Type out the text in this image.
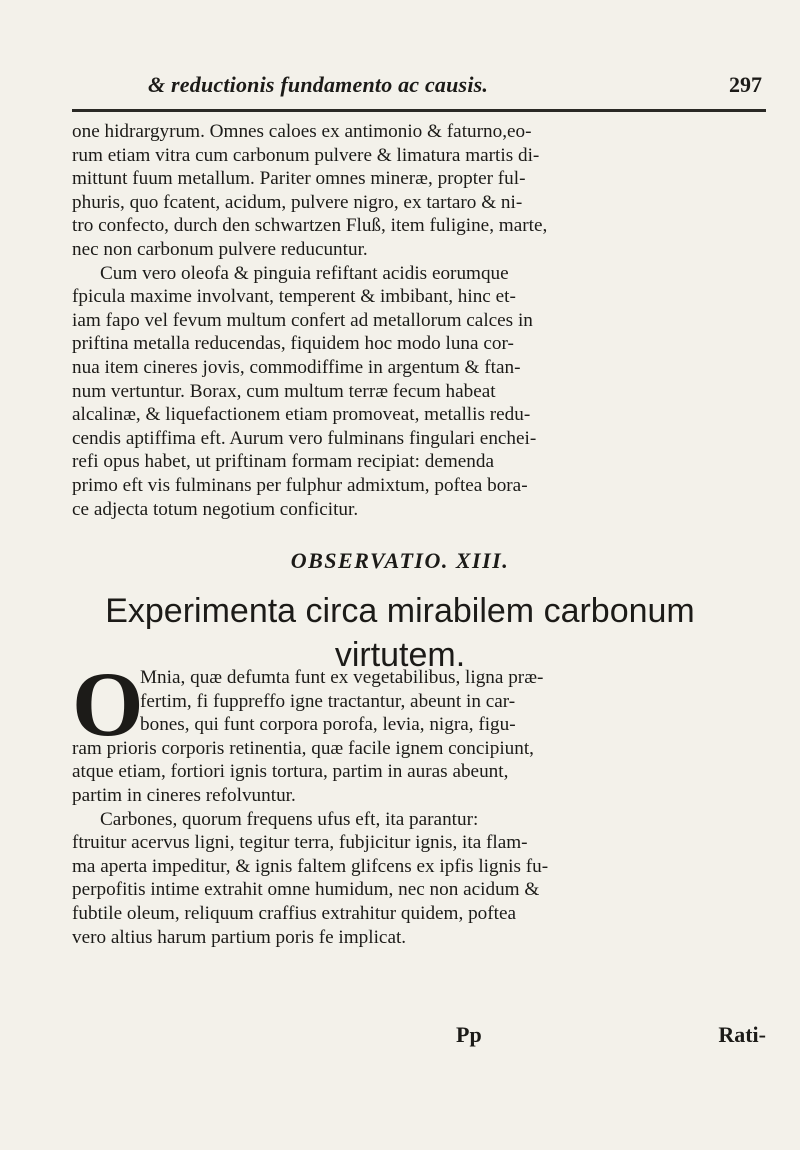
& reductionis fundamento ac causis.	297
one hidrargyrum. Omnes caloes ex antimonio & faturno,eo-
rum etiam vitra cum carbonum pulvere & limatura martis di-
mittunt fuum metallum. Pariter omnes mineræ, propter ful-
phuris, quo fcatent, acidum, pulvere nigro, ex tartaro & ni-
tro confecto, durch den schwartzen Fluß, item fuligine, marte,
nec non carbonum pulvere reducuntur.
Cum vero oleofa & pinguia refiftant acidis eorumque
fpicula maxime involvant, temperent & imbibant, hinc et-
iam fapo vel fevum multum confert ad metallorum calces in
priftina metalla reducendas, fiquidem hoc modo luna cor-
nua item cineres jovis, commodiffime in argentum & ftan-
num vertuntur. Borax, cum multum terræ fecum habeat
alcalinæ, & liquefactionem etiam promoveat, metallis redu-
cendis aptiffima eft. Aurum vero fulminans fingulari enchei-
refi opus habet, ut priftinam formam recipiat: demenda
primo eft vis fulminans per fulphur admixtum, poftea bora-
ce adjecta totum negotium conficitur.
OBSERVATIO. XIII.
Experimenta circa mirabilem carbonum
virtutem.
O
Mnia, quæ defumta funt ex vegetabilibus, ligna præ-
fertim, fi fuppreffo igne tractantur, abeunt in car-
bones, qui funt corpora porofa, levia, nigra, figu-
ram prioris corporis retinentia, quæ facile ignem concipiunt,
atque etiam, fortiori ignis tortura, partim in auras abeunt,
partim in cineres refolvuntur.
Carbones, quorum frequens ufus eft, ita parantur:
ftruitur acervus ligni, tegitur terra, fubjicitur ignis, ita flam-
ma aperta impeditur, & ignis faltem glifcens ex ipfis lignis fu-
perpofitis intime extrahit omne humidum, nec non acidum &
fubtile oleum, reliquum craffius extrahitur quidem, poftea
vero altius harum partium poris fe implicat.
Pp	Rati-
